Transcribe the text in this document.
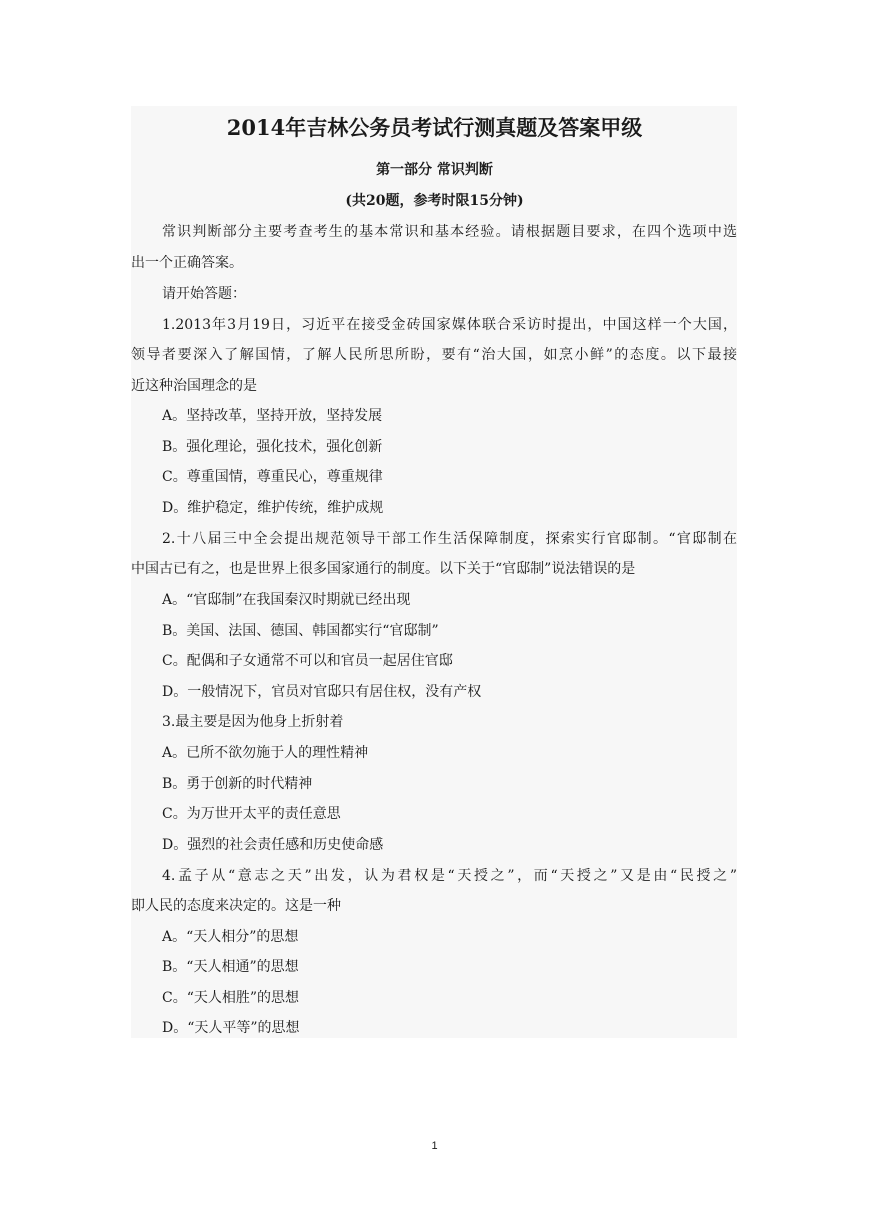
2014年吉林公务员考试行测真题及答案甲级
第一部分 常识判断
(共20题，参考时限15分钟)
常识判断部分主要考查考生的基本常识和基本经验。请根据题目要求，在四个选项中选
出一个正确答案。
请开始答题：
1.2013年3月19日，习近平在接受金砖国家媒体联合采访时提出，中国这样一个大国，
领导者要深入了解国情，了解人民所思所盼，要有“治大国，如烹小鲜”的态度。以下最接
近这种治国理念的是
A。坚持改革，坚持开放，坚持发展
B。强化理论，强化技术，强化创新
C。尊重国情，尊重民心，尊重规律
D。维护稳定，维护传统，维护成规
2.十八届三中全会提出规范领导干部工作生活保障制度，探索实行官邸制。“官邸制在
中国古已有之，也是世界上很多国家通行的制度。以下关于“官邸制”说法错误的是
A。“官邸制”在我国秦汉时期就已经出现
B。美国、法国、德国、韩国都实行“官邸制”
C。配偶和子女通常不可以和官员一起居住官邸
D。一般情况下，官员对官邸只有居住权，没有产权
3.最主要是因为他身上折射着
A。已所不欲勿施于人的理性精神
B。勇于创新的时代精神
C。为万世开太平的责任意思
D。强烈的社会责任感和历史使命感
4.孟子从“意志之天”出发，认为君权是“天授之”，而“天授之”又是由“民授之”
即人民的态度来决定的。这是一种
A。“天人相分”的思想
B。“天人相通”的思想
C。“天人相胜”的思想
D。“天人平等”的思想
1
